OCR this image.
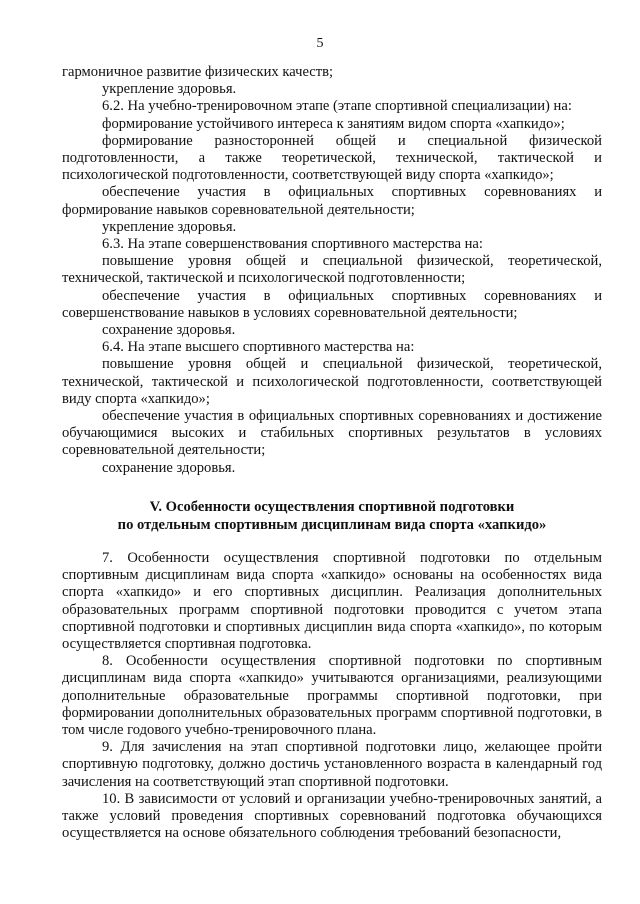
5

гармоничное развитие физических качеств;

укрепление здоровья.

6.2. На учебно-тренировочном этапе (этапе спортивной специализации) на:

формирование устойчивого интереса к занятиям видом спорта «хапкидо»;

формирование разносторонней общей и специальной физической подготовленности, а также теоретической, технической, тактической и психологической подготовленности, соответствующей виду спорта «хапкидо»;

обеспечение участия в официальных спортивных соревнованиях и формирование навыков соревновательной деятельности;

укрепление здоровья.

6.3. На этапе совершенствования спортивного мастерства на:

повышение уровня общей и специальной физической, теоретической, технической, тактической и психологической подготовленности;

обеспечение участия в официальных спортивных соревнованиях и совершенствование навыков в условиях соревновательной деятельности;

сохранение здоровья.

6.4. На этапе высшего спортивного мастерства на:

повышение уровня общей и специальной физической, теоретической, технической, тактической и психологической подготовленности, соответствующей виду спорта «хапкидо»;

обеспечение участия в официальных спортивных соревнованиях и достижение обучающимися высоких и стабильных спортивных результатов в условиях соревновательной деятельности;

сохранение здоровья.

V. Особенности осуществления спортивной подготовки
по отдельным спортивным дисциплинам вида спорта «хапкидо»

7. Особенности осуществления спортивной подготовки по отдельным спортивным дисциплинам вида спорта «хапкидо» основаны на особенностях вида спорта «хапкидо» и его спортивных дисциплин. Реализация дополнительных образовательных программ спортивной подготовки проводится с учетом этапа спортивной подготовки и спортивных дисциплин вида спорта «хапкидо», по которым осуществляется спортивная подготовка.

8. Особенности осуществления спортивной подготовки по спортивным дисциплинам вида спорта «хапкидо» учитываются организациями, реализующими дополнительные образовательные программы спортивной подготовки, при формировании дополнительных образовательных программ спортивной подготовки, в том числе годового учебно-тренировочного плана.

9. Для зачисления на этап спортивной подготовки лицо, желающее пройти спортивную подготовку, должно достичь установленного возраста в календарный год зачисления на соответствующий этап спортивной подготовки.

10. В зависимости от условий и организации учебно-тренировочных занятий, а также условий проведения спортивных соревнований подготовка обучающихся осуществляется на основе обязательного соблюдения требований безопасности,
